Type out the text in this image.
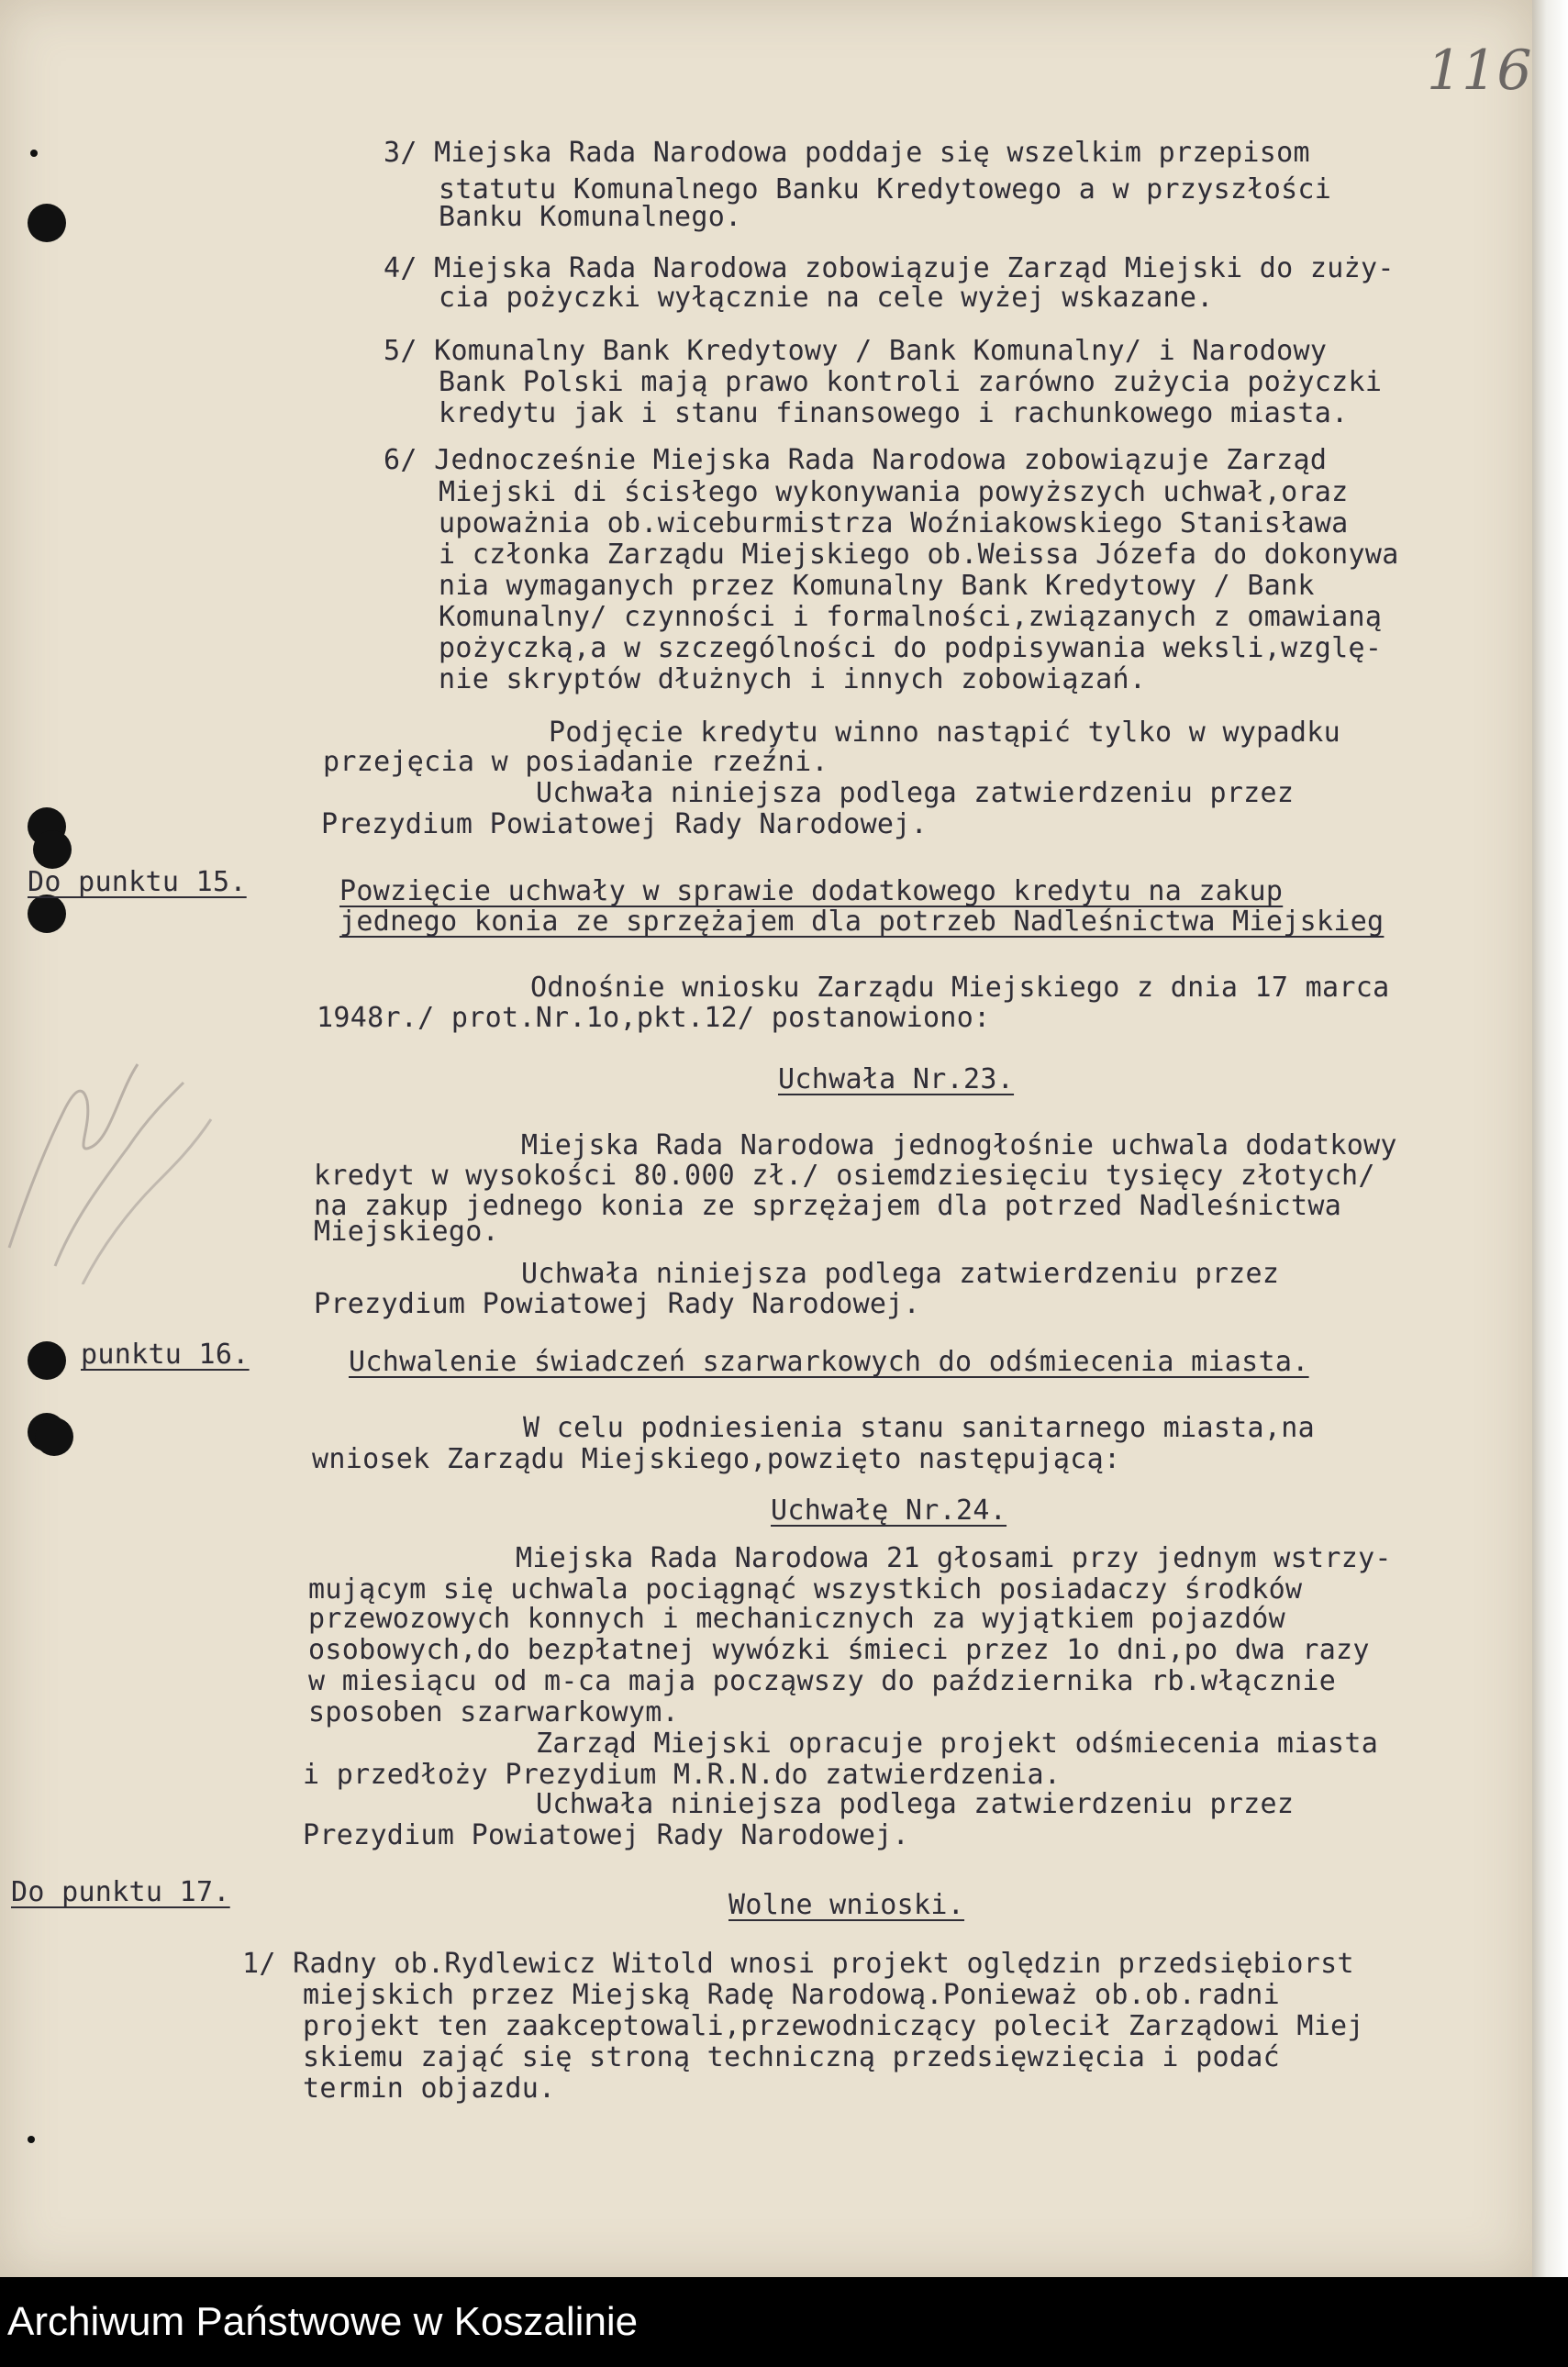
116
3/ Miejska Rada Narodowa poddaje się wszelkim przepisom
statutu Komunalnego Banku Kredytowego a w przyszłości
Banku Komunalnego.
4/ Miejska Rada Narodowa zobowiązuje Zarząd Miejski do zuży-
cia pożyczki wyłącznie na cele wyżej wskazane.
5/ Komunalny Bank Kredytowy / Bank Komunalny/ i Narodowy
Bank Polski mają prawo kontroli zarówno zużycia pożyczki
kredytu jak i stanu finansowego i rachunkowego miasta.
6/ Jednocześnie Miejska Rada Narodowa zobowiązuje Zarząd
Miejski di ścisłego wykonywania powyższych uchwał,oraz
upoważnia ob.wiceburmistrza Woźniakowskiego Stanisława
i członka Zarządu Miejskiego ob.Weissa Józefa do dokonywa
nia wymaganych przez Komunalny Bank Kredytowy / Bank
Komunalny/ czynności i formalności,związanych z omawianą
pożyczką,a w szczególności do podpisywania weksli,wzglę-
nie skryptów dłużnych i innych zobowiązań.
Podjęcie kredytu winno nastąpić tylko w wypadku
przejęcia w posiadanie rzeźni.
Uchwała niniejsza podlega zatwierdzeniu przez
Prezydium Powiatowej Rady Narodowej.
Do punktu 15.	Powzięcie uchwały w sprawie dodatkowego kredytu na zakup
jednego konia ze sprzężajem dla potrzeb Nadleśnictwa Miejskieg
Odnośnie wniosku Zarządu Miejskiego z dnia 17 marca
1948r./ prot.Nr.1o,pkt.12/ postanowiono:
Uchwała Nr.23.
Miejska Rada Narodowa jednogłośnie uchwala dodatkowy
kredyt w wysokości 80.000 zł./ osiemdziesięciu tysięcy złotych/
na zakup jednego konia ze sprzężajem dla potrzed Nadleśnictwa
Miejskiego.
Uchwała niniejsza podlega zatwierdzeniu przez
Prezydium Powiatowej Rady Narodowej.
punktu 16.	Uchwalenie świadczeń szarwarkowych do odśmiecenia miasta.
W celu podniesienia stanu sanitarnego miasta,na
wniosek Zarządu Miejskiego,powzięto następującą:
Uchwałę Nr.24.
Miejska Rada Narodowa 21 głosami przy jednym wstrzy-
mującym się uchwala pociągnąć wszystkich posiadaczy środków
przewozowych konnych i mechanicznych za wyjątkiem pojazdów
osobowych,do bezpłatnej wywózki śmieci przez 1o dni,po dwa razy
w miesiącu od m-ca maja począwszy do października rb.włącznie
sposoben szarwarkowym.
Zarząd Miejski opracuje projekt odśmiecenia miasta
i przedłoży Prezydium M.R.N.do zatwierdzenia.
Uchwała niniejsza podlega zatwierdzeniu przez
Prezydium Powiatowej Rady Narodowej.
Do punktu 17.	Wolne wnioski.
1/ Radny ob.Rydlewicz Witold wnosi projekt oględzin przedsiębiorst
miejskich przez Miejską Radę Narodową.Ponieważ ob.ob.radni
projekt ten zaakceptowali,przewodniczący polecił Zarządowi Miej
skiemu zająć się stroną techniczną przedsięwzięcia i podać
termin objazdu.
Archiwum Państwowe w Koszalinie
